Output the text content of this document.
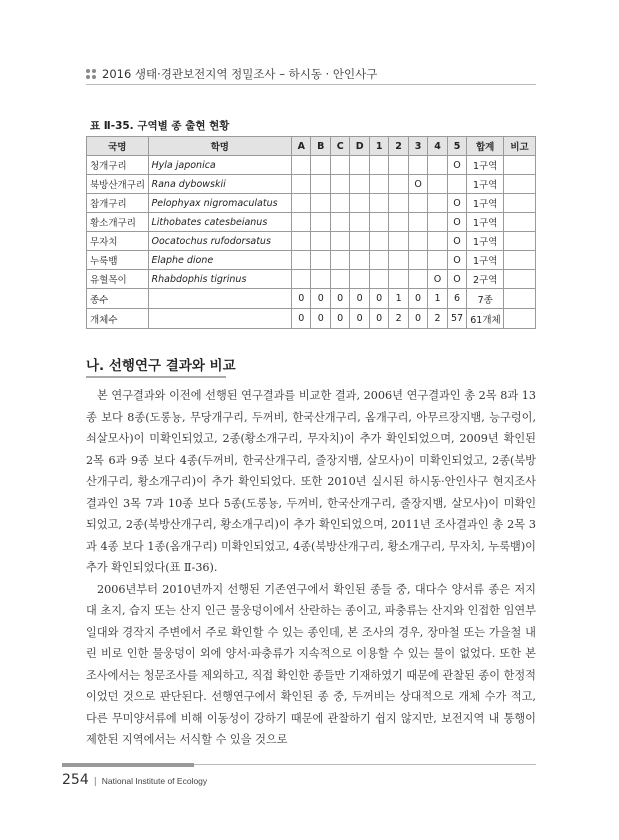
2016 생태·경관보전지역 정밀조사 – 하시동 · 안인사구
표 Ⅱ-35. 구역별 종 출현 현황
국명	학명	A	B	C	D	1	2	3	4	5	합계	비고
청개구리	Hyla japonica									O	1구역	
북방산개구리	Rana dybowskii							O			1구역	
참개구리	Pelophyax nigromaculatus									O	1구역	
황소개구리	Lithobates catesbeianus									O	1구역	
무자치	Oocatochus rufodorsatus									O	1구역	
누룩뱀	Elaphe dione									O	1구역	
유혈목이	Rhabdophis tigrinus								O	O	2구역	
종수		0	0	0	0	0	1	0	1	6	7종	
개체수		0	0	0	0	0	2	0	2	57	61개체	
나. 선행연구 결과와 비교

본 연구결과와 이전에 선행된 연구결과를 비교한 결과, 2006년 연구결과인 총 2목 8과 13종 보다 8종(도롱뇽, 무당개구리, 두꺼비, 한국산개구리, 옴개구리, 아무르장지뱀, 능구렁이, 쇠살모사)이 미확인되었고, 2종(황소개구리, 무자치)이 추가 확인되었으며, 2009년 확인된 2목 6과 9종 보다 4종(두꺼비, 한국산개구리, 줄장지뱀, 살모사)이 미확인되었고, 2종(북방산개구리, 황소개구리)이 추가 확인되었다. 또한 2010년 실시된 하시동·안인사구 현지조사 결과인 3목 7과 10종 보다 5종(도롱뇽, 두꺼비, 한국산개구리, 줄장지뱀, 살모사)이 미확인되었고, 2종(북방산개구리, 황소개구리)이 추가 확인되었으며, 2011년 조사결과인 총 2목 3과 4종 보다 1종(옴개구리) 미확인되었고, 4종(북방산개구리, 황소개구리, 무자치, 누룩뱀)이 추가 확인되었다(표 Ⅱ-36).

2006년부터 2010년까지 선행된 기존연구에서 확인된 종들 중, 대다수 양서류 종은 저지대 초지, 습지 또는 산지 인근 물웅덩이에서 산란하는 종이고, 파충류는 산지와 인접한 임연부 일대와 경작지 주변에서 주로 확인할 수 있는 종인데, 본 조사의 경우, 장마철 또는 가을철 내린 비로 인한 물웅덩이 외에 양서·파충류가 지속적으로 이용할 수 있는 물이 없었다. 또한 본 조사에서는 청문조사를 제외하고, 직접 확인한 종들만 기재하였기 때문에 관찰된 종이 한정적이었던 것으로 판단된다. 선행연구에서 확인된 종 중, 두꺼비는 상대적으로 개체 수가 적고, 다른 무미양서류에 비해 이동성이 강하기 때문에 관찰하기 쉽지 않지만, 보전지역 내 통행이 제한된 지역에서는 서식할 수 있을 것으로

254 | National Institute of Ecology
